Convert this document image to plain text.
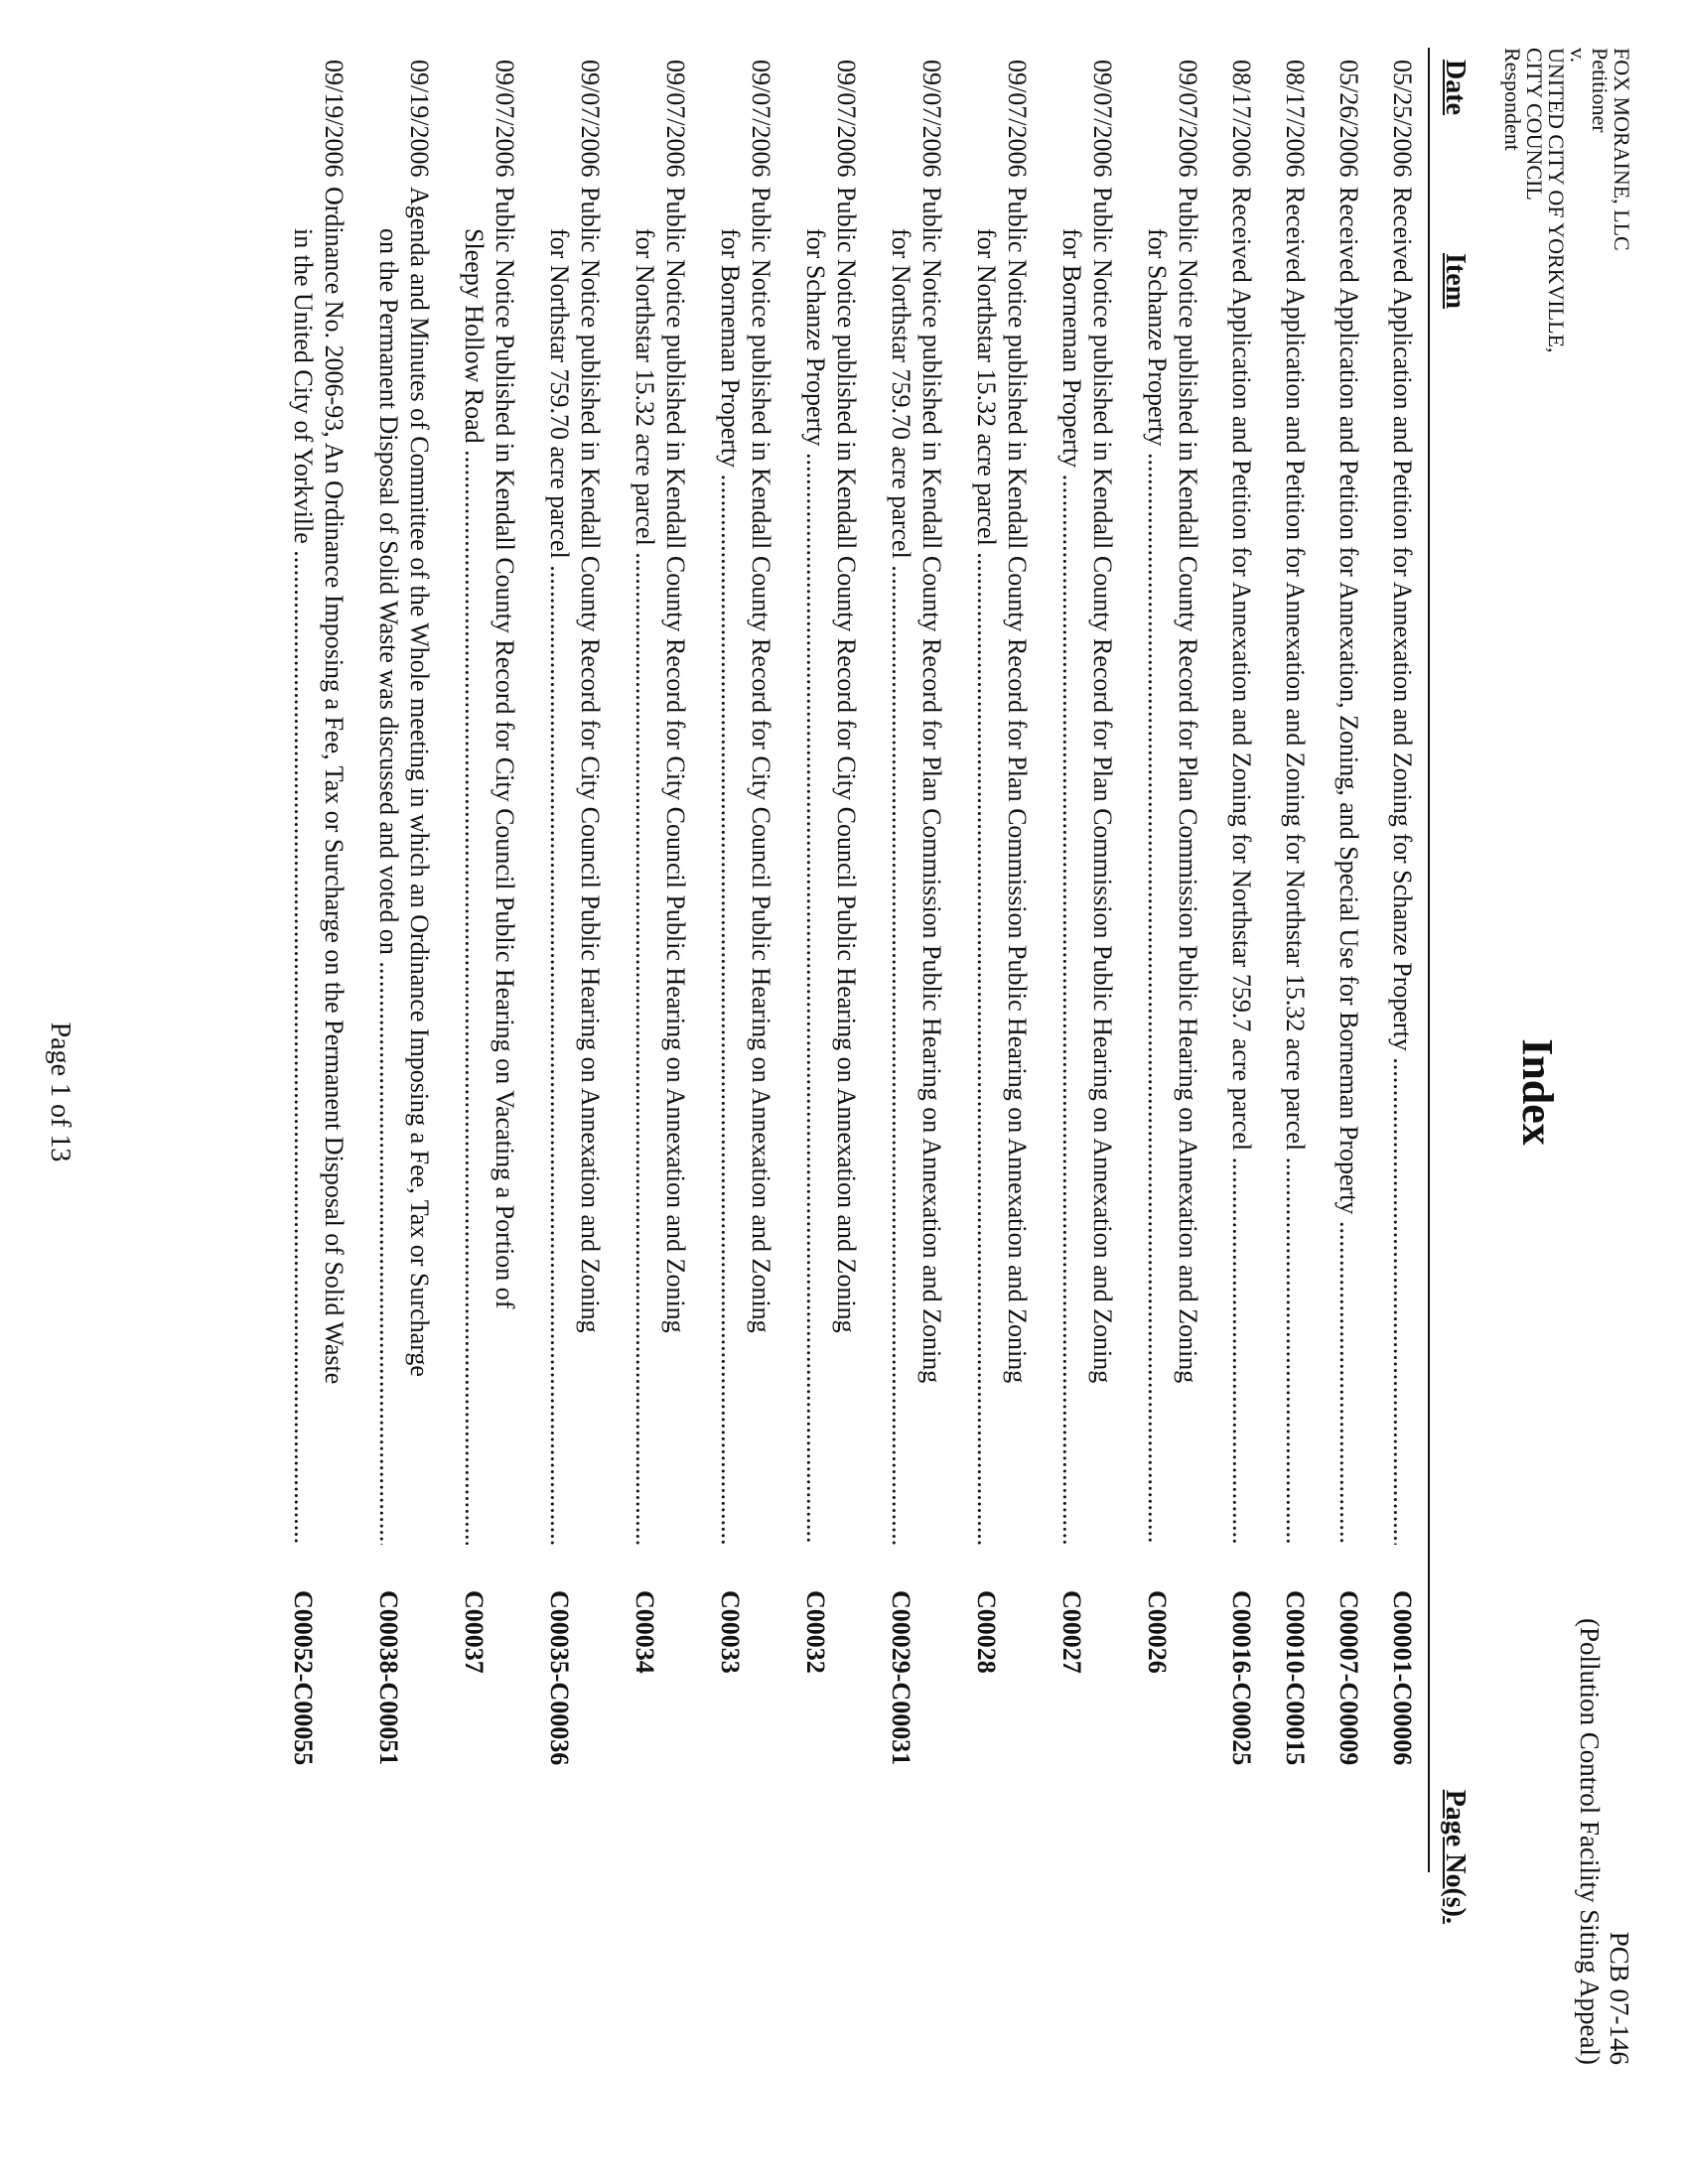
FOX MORAINE, LLC
Petitioner
v.
UNITED CITY OF YORKVILLE,
CITY COUNCIL
Respondent
PCB 07-146
(Pollution Control Facility Siting Appeal)
Index
Date
Item
Page No(s).
05/25/2006
Received Application and Petition for Annexation and Zoning for Schanze Property .....
C00001-C00006
05/26/2006
Received Application and Petition for Annexation, Zoning, and Special Use for Borneman Property .....
C00007-C00009
08/17/2006
Received Application and Petition for Annexation and Zoning for Northstar 15.32 acre parcel .....
C00010-C00015
08/17/2006
Received Application and Petition for Annexation and Zoning for Northstar 759.7 acre parcel .....
C00016-C00025
09/07/2006
Public Notice published in Kendall County Record for Plan Commission Public Hearing on Annexation and Zoning
for Schanze Property .....
C00026
09/07/2006
Public Notice published in Kendall County Record for Plan Commission Public Hearing on Annexation and Zoning
for Borneman Property .....
C00027
09/07/2006
Public Notice published in Kendall County Record for Plan Commission Public Hearing on Annexation and Zoning
for Northstar 15.32 acre parcel .....
C00028
09/07/2006
Public Notice published in Kendall County Record for Plan Commission Public Hearing on Annexation and Zoning
for Northstar 759.70 acre parcel .....
C00029-C00031
09/07/2006
Public Notice published in Kendall County Record for City Council Public Hearing on Annexation and Zoning
for Schanze Property .....
C00032
09/07/2006
Public Notice published in Kendall County Record for City Council Public Hearing on Annexation and Zoning
for Borneman Property .....
C00033
09/07/2006
Public Notice published in Kendall County Record for City Council Public Hearing on Annexation and Zoning
for Northstar 15.32 acre parcel .....
C00034
09/07/2006
Public Notice published in Kendall County Record for City Council Public Hearing on Annexation and Zoning
for Northstar 759.70 acre parcel .....
C00035-C00036
09/07/2006
Public Notice Published in Kendall County Record for City Council Public Hearing on Vacating a Portion of
Sleepy Hollow Road .....
C00037
09/19/2006
Agenda and Minutes of Committee of the Whole meeting in which an Ordinance Imposing a Fee, Tax or Surcharge
on the Permanent Disposal of Solid Waste was discussed and voted on .....
C00038-C00051
09/19/2006
Ordinance No. 2006-93, An Ordinance Imposing a Fee, Tax or Surcharge on the Permanent Disposal of Solid Waste
in the United City of Yorkville .....
C00052-C00055
Page 1 of 13
